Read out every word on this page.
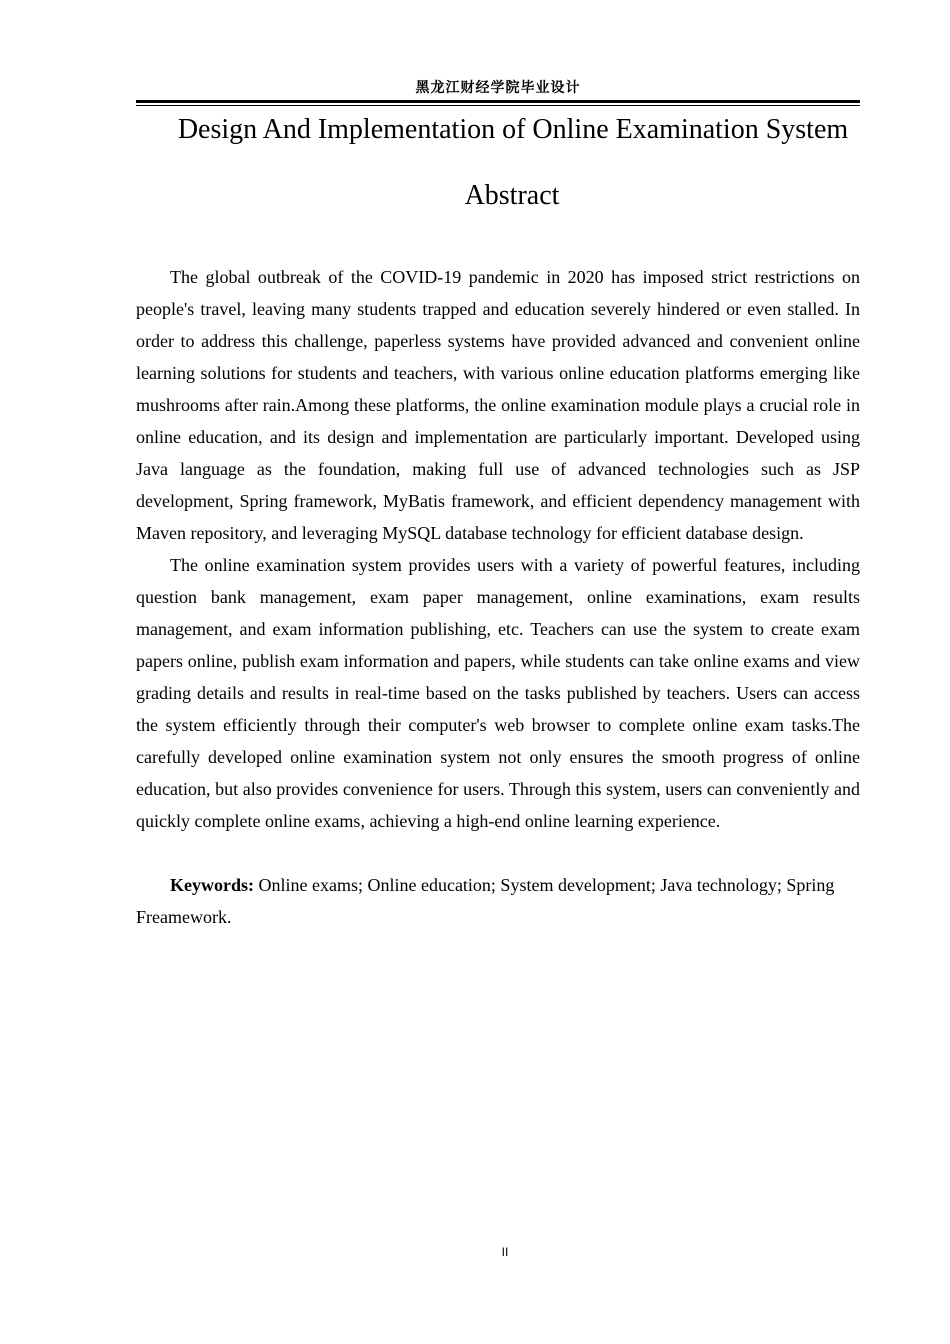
黑龙江财经学院毕业设计
Design And Implementation of Online Examination System
Abstract

The global outbreak of the COVID-19 pandemic in 2020 has imposed strict restrictions on people's travel, leaving many students trapped and education severely hindered or even stalled. In order to address this challenge, paperless systems have provided advanced and convenient online learning solutions for students and teachers, with various online education platforms emerging like mushrooms after rain.Among these platforms, the online examination module plays a crucial role in online education, and its design and implementation are particularly important. Developed using Java language as the foundation, making full use of advanced technologies such as JSP development, Spring framework, MyBatis framework, and efficient dependency management with Maven repository, and leveraging MySQL database technology for efficient database design.

The online examination system provides users with a variety of powerful features, including question bank management, exam paper management, online examinations, exam results management, and exam information publishing, etc. Teachers can use the system to create exam papers online, publish exam information and papers, while students can take online exams and view grading details and results in real-time based on the tasks published by teachers. Users can access the system efficiently through their computer's web browser to complete online exam tasks.The carefully developed online examination system not only ensures the smooth progress of online education, but also provides convenience for users. Through this system, users can conveniently and quickly complete online exams, achieving a high-end online learning experience.

Keywords: Online exams; Online education; System development; Java technology; Spring Freamework.

II
